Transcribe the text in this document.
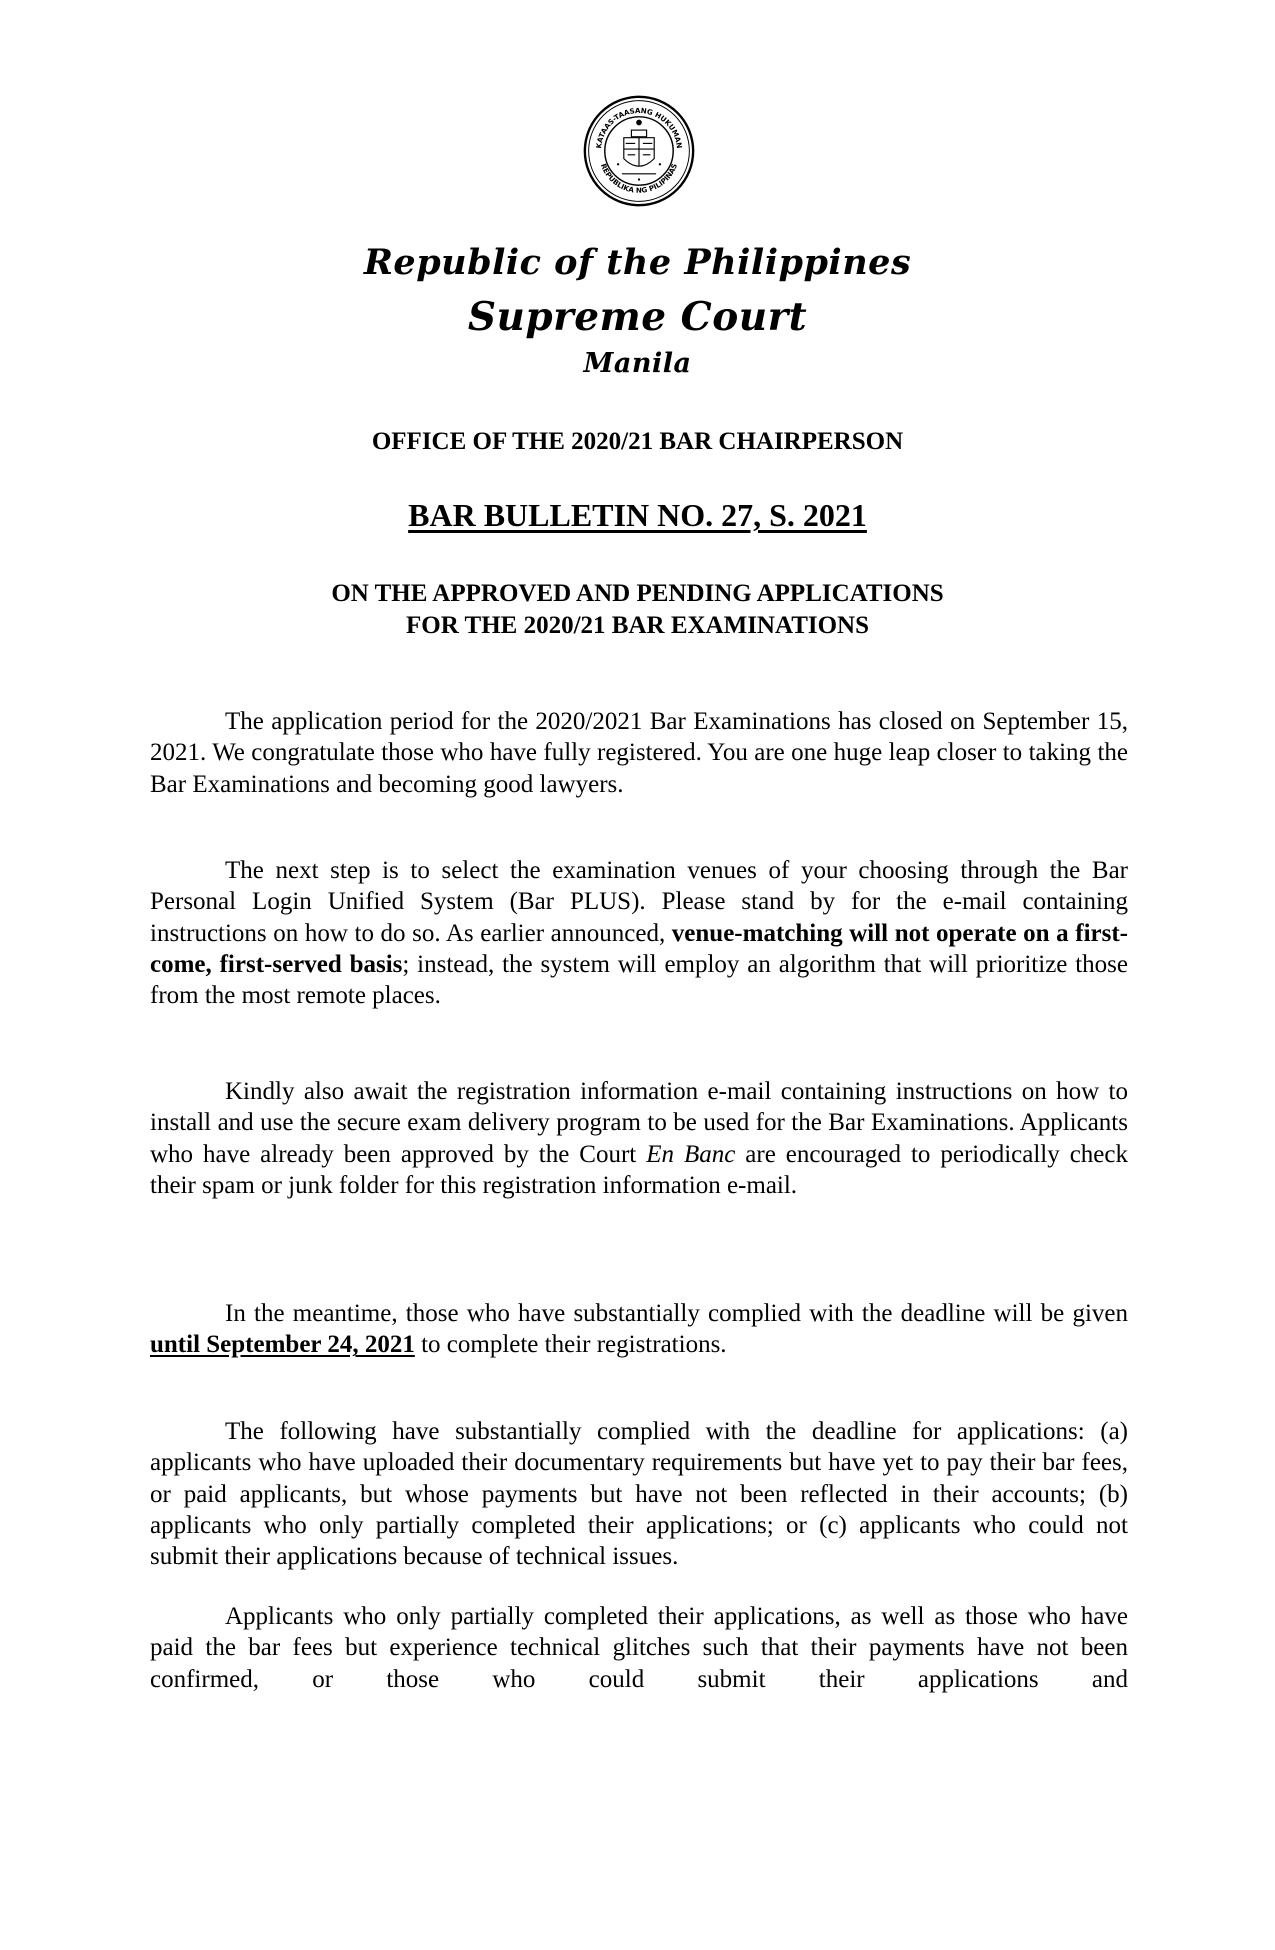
KATAAS-TAASANG HUKUMAN
REPUBLIKA NG PILIPINAS
Republic of the Philippines
Supreme Court
Manila
OFFICE OF THE 2020/21 BAR CHAIRPERSON
BAR BULLETIN NO. 27, S. 2021
ON THE APPROVED AND PENDING APPLICATIONS
FOR THE 2020/21 BAR EXAMINATIONS
The application period for the 2020/2021 Bar Examinations has closed on September 15, 2021. We congratulate those who have fully registered. You are one huge leap closer to taking the Bar Examinations and becoming good lawyers.
The next step is to select the examination venues of your choosing through the Bar Personal Login Unified System (Bar PLUS). Please stand by for the e-mail containing instructions on how to do so. As earlier announced, venue-matching will not operate on a first-come, first-served basis; instead, the system will employ an algorithm that will prioritize those from the most remote places.
Kindly also await the registration information e-mail containing instructions on how to install and use the secure exam delivery program to be used for the Bar Examinations. Applicants who have already been approved by the Court En Banc are encouraged to periodically check their spam or junk folder for this registration information e-mail.
In the meantime, those who have substantially complied with the deadline will be given until September 24, 2021 to complete their registrations.
The following have substantially complied with the deadline for applications: (a) applicants who have uploaded their documentary requirements but have yet to pay their bar fees, or paid applicants, but whose payments but have not been reflected in their accounts; (b) applicants who only partially completed their applications; or (c) applicants who could not submit their applications because of technical issues.
Applicants who only partially completed their applications, as well as those who have paid the bar fees but experience technical glitches such that their payments have not been confirmed, or those who could submit their applications and
